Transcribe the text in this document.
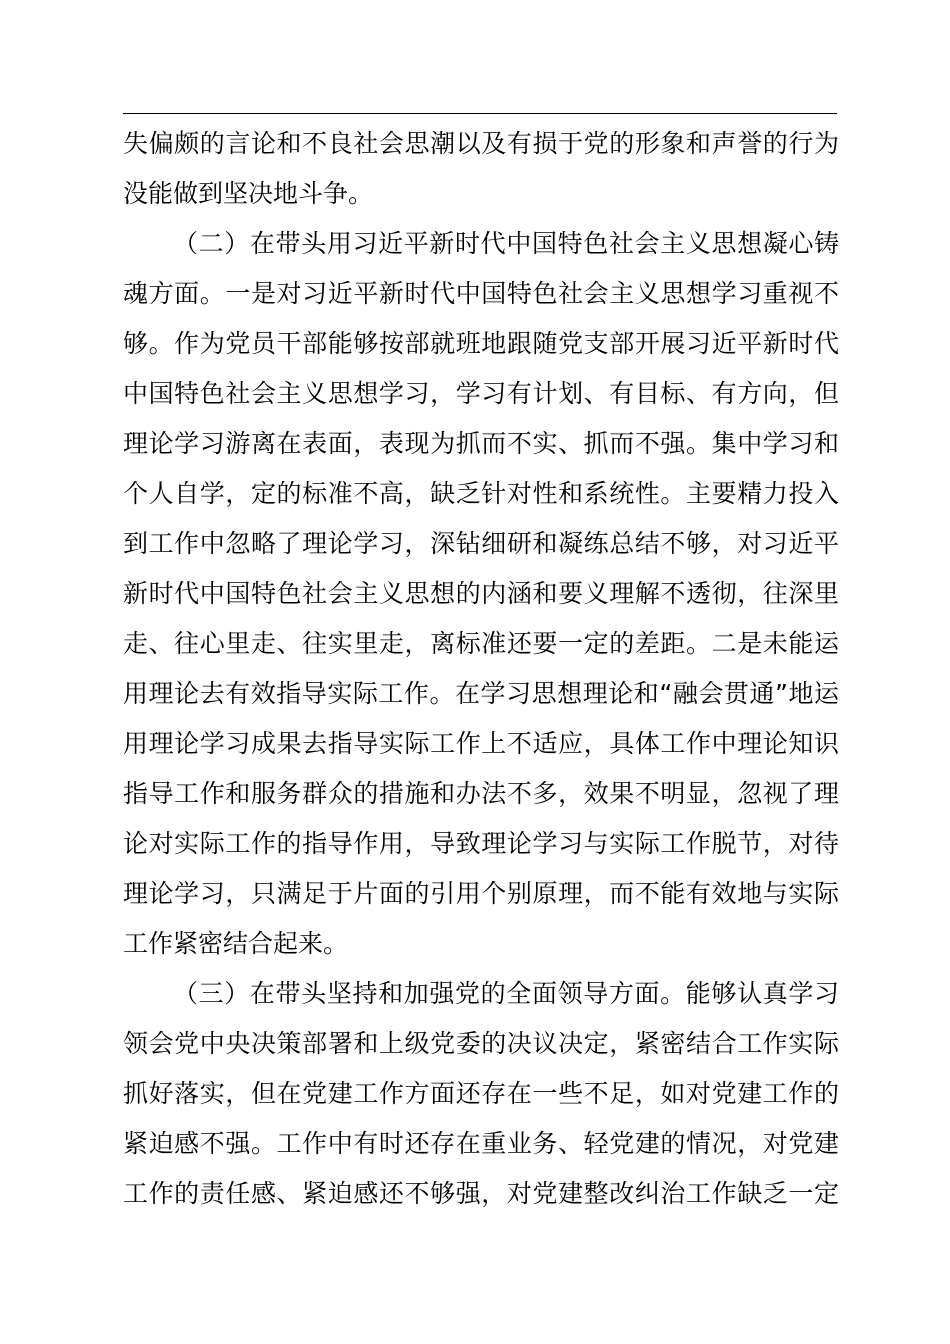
失偏颇的言论和不良社会思潮以及有损于党的形象和声誉的行为
没能做到坚决地斗争。
（二）在带头用习近平新时代中国特色社会主义思想凝心铸
魂方面。一是对习近平新时代中国特色社会主义思想学习重视不
够。作为党员干部能够按部就班地跟随党支部开展习近平新时代
中国特色社会主义思想学习，学习有计划、有目标、有方向，但
理论学习游离在表面，表现为抓而不实、抓而不强。集中学习和
个人自学，定的标准不高，缺乏针对性和系统性。主要精力投入
到工作中忽略了理论学习，深钻细研和凝练总结不够，对习近平
新时代中国特色社会主义思想的内涵和要义理解不透彻，往深里
走、往心里走、往实里走，离标准还要一定的差距。二是未能运
用理论去有效指导实际工作。在学习思想理论和“融会贯通”地运
用理论学习成果去指导实际工作上不适应，具体工作中理论知识
指导工作和服务群众的措施和办法不多，效果不明显，忽视了理
论对实际工作的指导作用，导致理论学习与实际工作脱节，对待
理论学习，只满足于片面的引用个别原理，而不能有效地与实际
工作紧密结合起来。
（三）在带头坚持和加强党的全面领导方面。能够认真学习
领会党中央决策部署和上级党委的决议决定，紧密结合工作实际
抓好落实，但在党建工作方面还存在一些不足，如对党建工作的
紧迫感不强。工作中有时还存在重业务、轻党建的情况，对党建
工作的责任感、紧迫感还不够强，对党建整改纠治工作缺乏一定
